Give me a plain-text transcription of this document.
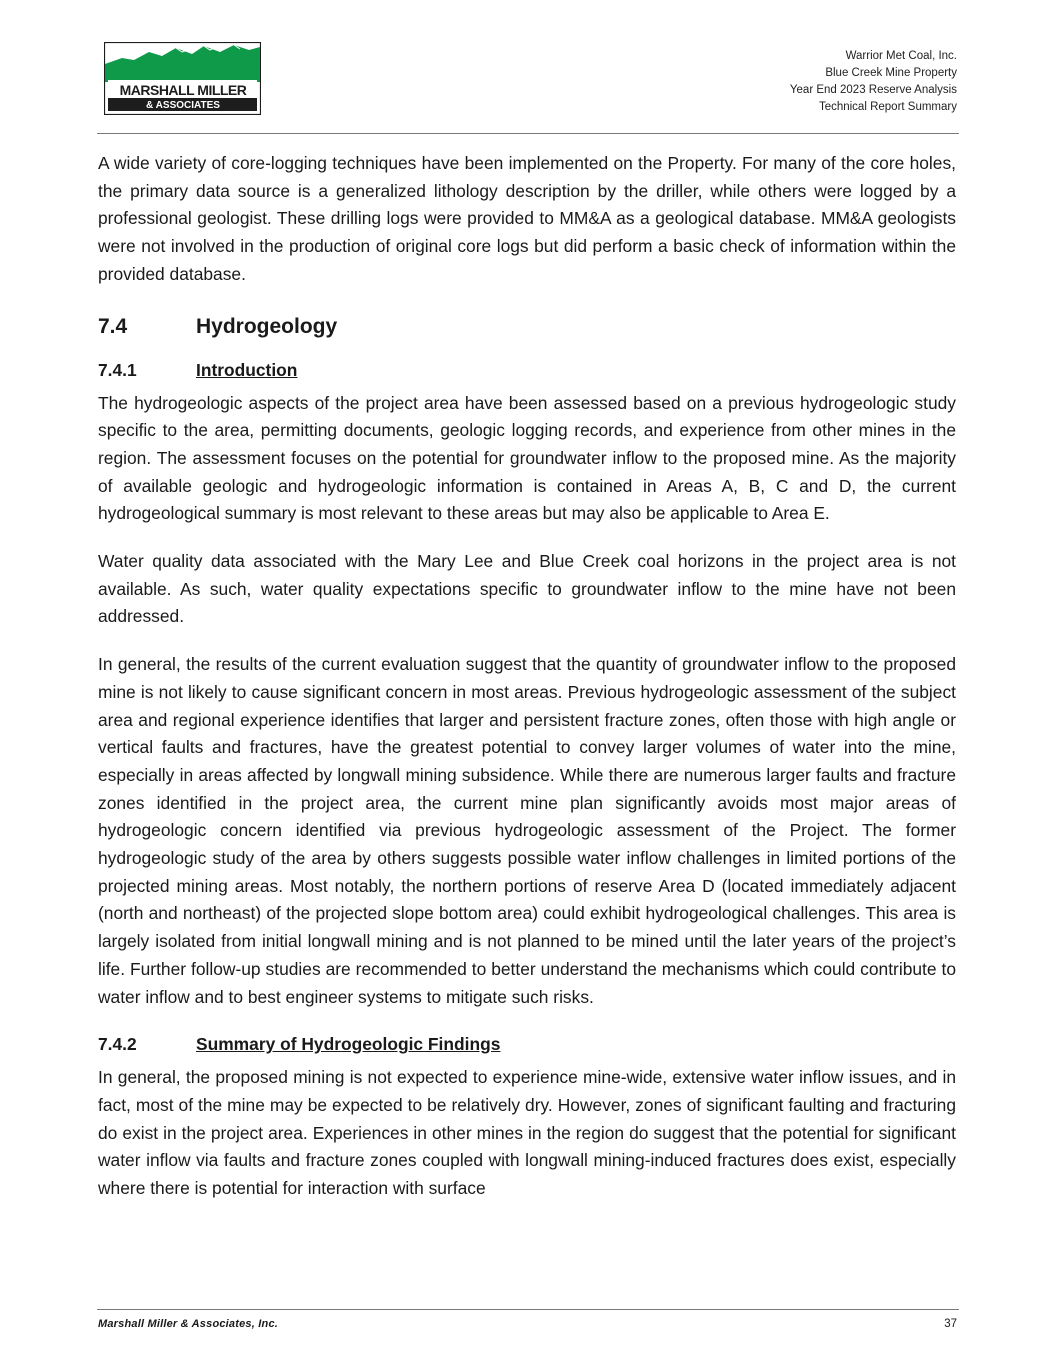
MARSHALL MILLER
& ASSOCIATES
Warrior Met Coal, Inc.
Blue Creek Mine Property
Year End 2023 Reserve Analysis
Technical Report Summary

A wide variety of core-logging techniques have been implemented on the Property. For many of the core holes, the primary data source is a generalized lithology description by the driller, while others were logged by a professional geologist. These drilling logs were provided to MM&A as a geological database. MM&A geologists were not involved in the production of original core logs but did perform a basic check of information within the provided database.

7.4	Hydrogeology
7.4.1	Introduction

The hydrogeologic aspects of the project area have been assessed based on a previous hydrogeologic study specific to the area, permitting documents, geologic logging records, and experience from other mines in the region. The assessment focuses on the potential for groundwater inflow to the proposed mine. As the majority of available geologic and hydrogeologic information is contained in Areas A, B, C and D, the current hydrogeological summary is most relevant to these areas but may also be applicable to Area E.

Water quality data associated with the Mary Lee and Blue Creek coal horizons in the project area is not available. As such, water quality expectations specific to groundwater inflow to the mine have not been addressed.

In general, the results of the current evaluation suggest that the quantity of groundwater inflow to the proposed mine is not likely to cause significant concern in most areas. Previous hydrogeologic assessment of the subject area and regional experience identifies that larger and persistent fracture zones, often those with high angle or vertical faults and fractures, have the greatest potential to convey larger volumes of water into the mine, especially in areas affected by longwall mining subsidence. While there are numerous larger faults and fracture zones identified in the project area, the current mine plan significantly avoids most major areas of hydrogeologic concern identified via previous hydrogeologic assessment of the Project. The former hydrogeologic study of the area by others suggests possible water inflow challenges in limited portions of the projected mining areas. Most notably, the northern portions of reserve Area D (located immediately adjacent (north and northeast) of the projected slope bottom area) could exhibit hydrogeological challenges. This area is largely isolated from initial longwall mining and is not planned to be mined until the later years of the project’s life. Further follow-up studies are recommended to better understand the mechanisms which could contribute to water inflow and to best engineer systems to mitigate such risks.

7.4.2	Summary of Hydrogeologic Findings

In general, the proposed mining is not expected to experience mine-wide, extensive water inflow issues, and in fact, most of the mine may be expected to be relatively dry. However, zones of significant faulting and fracturing do exist in the project area. Experiences in other mines in the region do suggest that the potential for significant water inflow via faults and fracture zones coupled with longwall mining-induced fractures does exist, especially where there is potential for interaction with surface

Marshall Miller & Associates, Inc.	37
